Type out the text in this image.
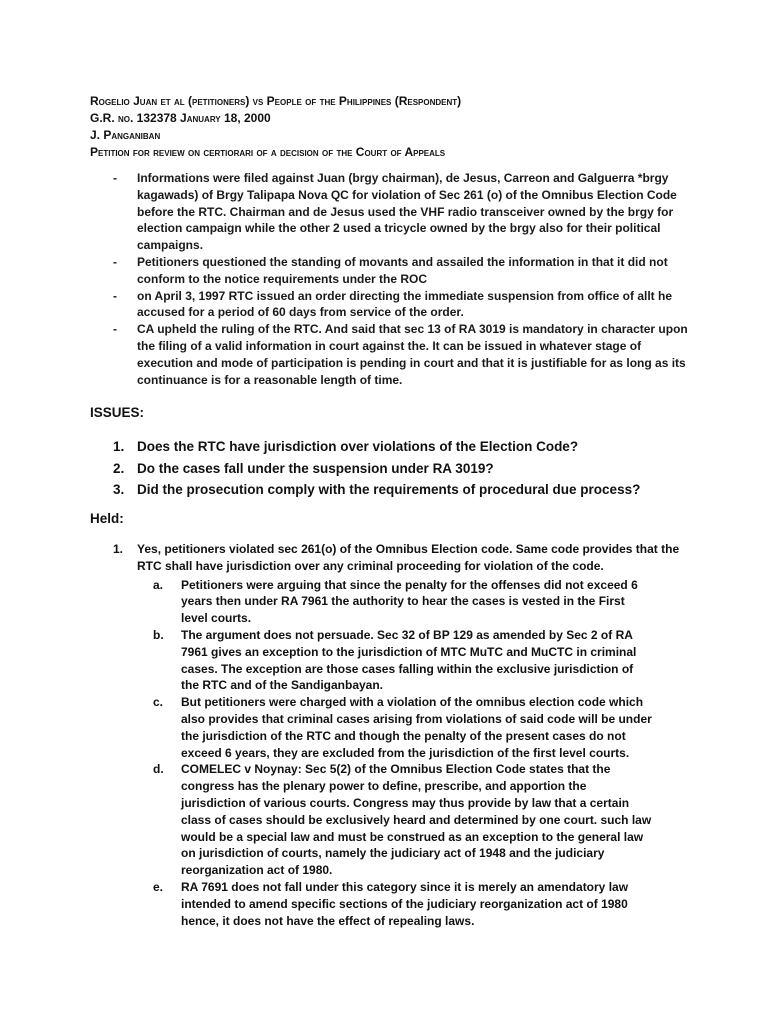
Rogelio Juan et al (petitioners) vs People of the Philippines (Respondent)

G.R. no. 132378 January 18, 2000

J. Panganiban

Petition for review on certiorari of a decision of the Court of Appeals

- Informations were filed against Juan (brgy chairman), de Jesus, Carreon and Galguerra *brgy kagawads) of Brgy Talipapa Nova QC for violation of Sec 261 (o) of the Omnibus Election Code before the RTC. Chairman and de Jesus used the VHF radio transceiver owned by the brgy for election campaign while the other 2 used a tricycle owned by the brgy also for their political campaigns.
- Petitioners questioned the standing of movants and assailed the information in that it did not conform to the notice requirements under the ROC
- on April 3, 1997 RTC issued an order directing the immediate suspension from office of allt he accused for a period of 60 days from service of the order.
- CA upheld the ruling of the RTC. And said that sec 13 of RA 3019 is mandatory in character upon the filing of a valid information in court against the. It can be issued in whatever stage of execution and mode of participation is pending in court and that it is justifiable for as long as its continuance is for a reasonable length of time.

ISSUES:

1. Does the RTC have jurisdiction over violations of the Election Code?
2. Do the cases fall under the suspension under RA 3019?
3. Did the prosecution comply with the requirements of procedural due process?

Held:

1. Yes, petitioners violated sec 261(o) of the Omnibus Election code. Same code provides that the RTC shall have jurisdiction over any criminal proceeding for violation of the code.
a. Petitioners were arguing that since the penalty for the offenses did not exceed 6 years then under RA 7961 the authority to hear the cases is vested in the First level courts.
b. The argument does not persuade. Sec 32 of BP 129 as amended by Sec 2 of RA 7961 gives an exception to the jurisdiction of MTC MuTC and MuCTC in criminal cases. The exception are those cases falling within the exclusive jurisdiction of the RTC and of the Sandiganbayan.
c. But petitioners were charged with a violation of the omnibus election code which also provides that criminal cases arising from violations of said code will be under the jurisdiction of the RTC and though the penalty of the present cases do not exceed 6 years, they are excluded from the jurisdiction of the first level courts.
d. COMELEC v Noynay: Sec 5(2) of the Omnibus Election Code states that the congress has the plenary power to define, prescribe, and apportion the jurisdiction of various courts. Congress may thus provide by law that a certain class of cases should be exclusively heard and determined by one court. such law would be a special law and must be construed as an exception to the general law on jurisdiction of courts, namely the judiciary act of 1948 and the judiciary reorganization act of 1980.
e. RA 7691 does not fall under this category since it is merely an amendatory law intended to amend specific sections of the judiciary reorganization act of 1980 hence, it does not have the effect of repealing laws.
